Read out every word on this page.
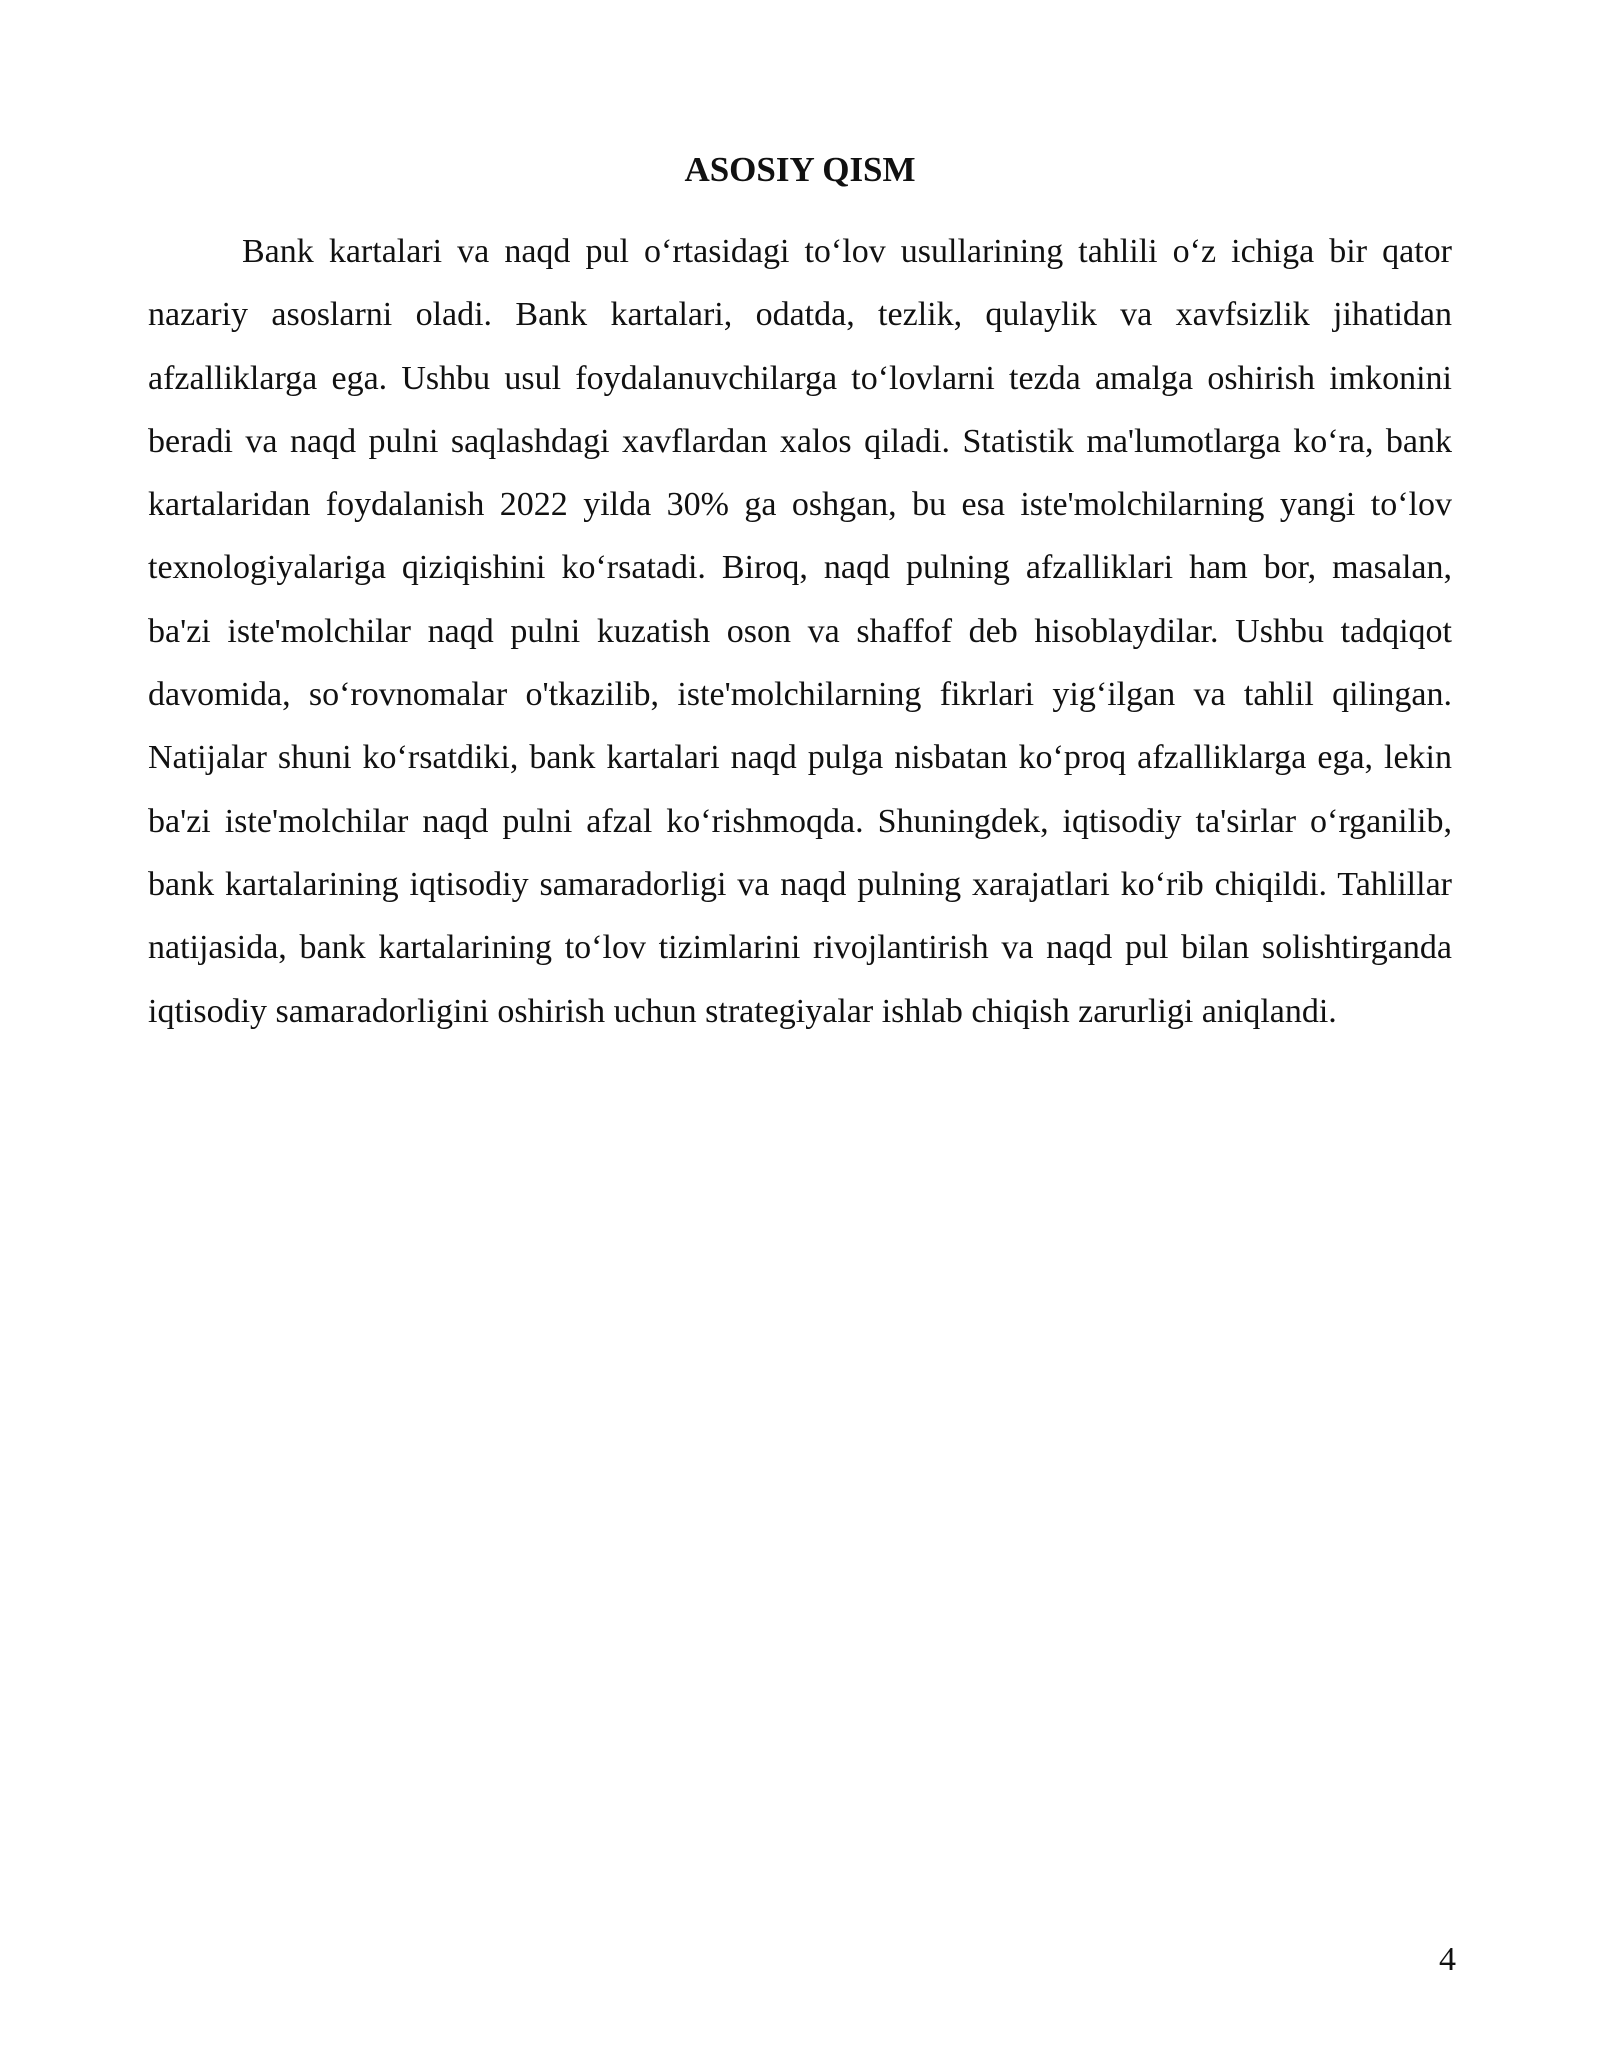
ASOSIY QISM

Bank kartalari va naqd pul o‘rtasidagi to‘lov usullarining tahlili o‘z ichiga bir qator nazariy asoslarni oladi. Bank kartalari, odatda, tezlik, qulaylik va xavfsizlik jihatidan afzalliklarga ega. Ushbu usul foydalanuvchilarga to‘lovlarni tezda amalga oshirish imkonini beradi va naqd pulni saqlashdagi xavflardan xalos qiladi. Statistik ma'lumotlarga ko‘ra, bank kartalaridan foydalanish 2022 yilda 30% ga oshgan, bu esa iste'molchilarning yangi to‘lov texnologiyalariga qiziqishini ko‘rsatadi. Biroq, naqd pulning afzalliklari ham bor, masalan, ba'zi iste'molchilar naqd pulni kuzatish oson va shaffof deb hisoblaydilar. Ushbu tadqiqot davomida, so‘rovnomalar o'tkazilib, iste'molchilarning fikrlari yig‘ilgan va tahlil qilingan. Natijalar shuni ko‘rsatdiki, bank kartalari naqd pulga nisbatan ko‘proq afzalliklarga ega, lekin ba'zi iste'molchilar naqd pulni afzal ko‘rishmoqda. Shuningdek, iqtisodiy ta'sirlar o‘rganilib, bank kartalarining iqtisodiy samaradorligi va naqd pulning xarajatlari ko‘rib chiqildi. Tahlillar natijasida, bank kartalarining to‘lov tizimlarini rivojlantirish va naqd pul bilan solishtirganda iqtisodiy samaradorligini oshirish uchun strategiyalar ishlab chiqish zarurligi aniqlandi.

4
